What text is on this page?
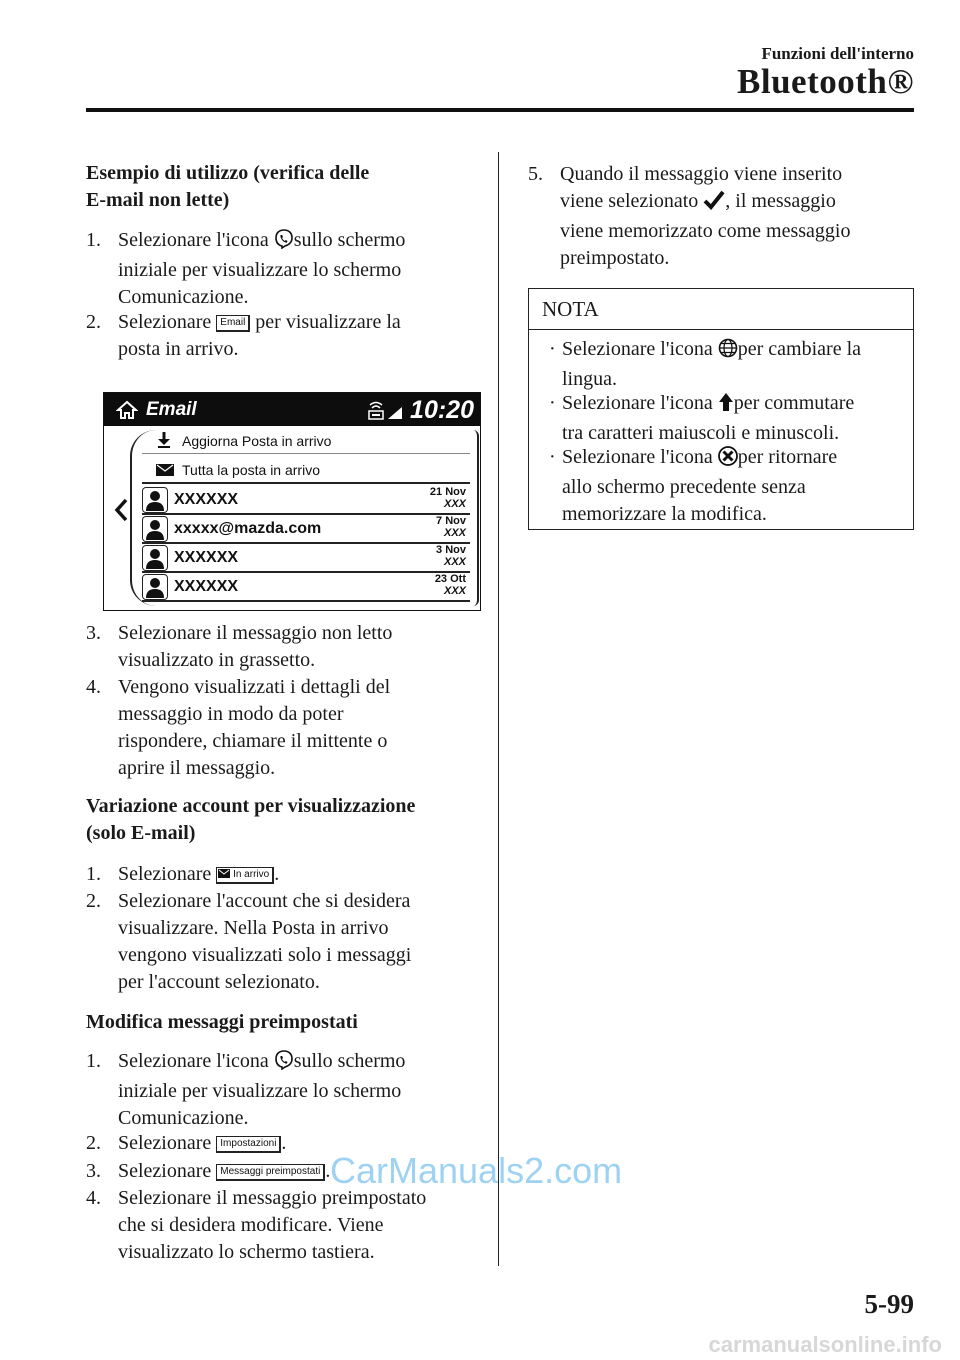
Funzioni dell'interno
Bluetooth®
Esempio di utilizzo (verifica delle
E-mail non lette)
1. Selezionare l'icona sullo schermo
iniziale per visualizzare lo schermo
Comunicazione.
2. Selezionare Email per visualizzare la
posta in arrivo.
Email	10:20
Aggiorna Posta in arrivo
Tutta la posta in arrivo
XXXXXX	21 Nov
XXX
xxxxx@mazda.com	7 Nov
XXX
XXXXXX	3 Nov
XXX
XXXXXX	23 Ott
XXX
3. Selezionare il messaggio non letto
visualizzato in grassetto.
4. Vengono visualizzati i dettagli del
messaggio in modo da poter
rispondere, chiamare il mittente o
aprire il messaggio.
Variazione account per visualizzazione
(solo E-mail)
1. Selezionare In arrivo .
2. Selezionare l'account che si desidera
visualizzare. Nella Posta in arrivo
vengono visualizzati solo i messaggi
per l'account selezionato.
Modifica messaggi preimpostati
1. Selezionare l'icona sullo schermo
iniziale per visualizzare lo schermo
Comunicazione.
2. Selezionare Impostazioni .
3. Selezionare Messaggi preimpostati .
4. Selezionare il messaggio preimpostato
che si desidera modificare. Viene
visualizzato lo schermo tastiera.
5. Quando il messaggio viene inserito
viene selezionato , il messaggio
viene memorizzato come messaggio
preimpostato.
NOTA
· Selezionare l'icona per cambiare la
lingua.
· Selezionare l'icona per commutare
tra caratteri maiuscoli e minuscoli.
· Selezionare l'icona per ritornare
allo schermo precedente senza
memorizzare la modifica.
5-99
CarManuals2.com
carmanualsonline.info
